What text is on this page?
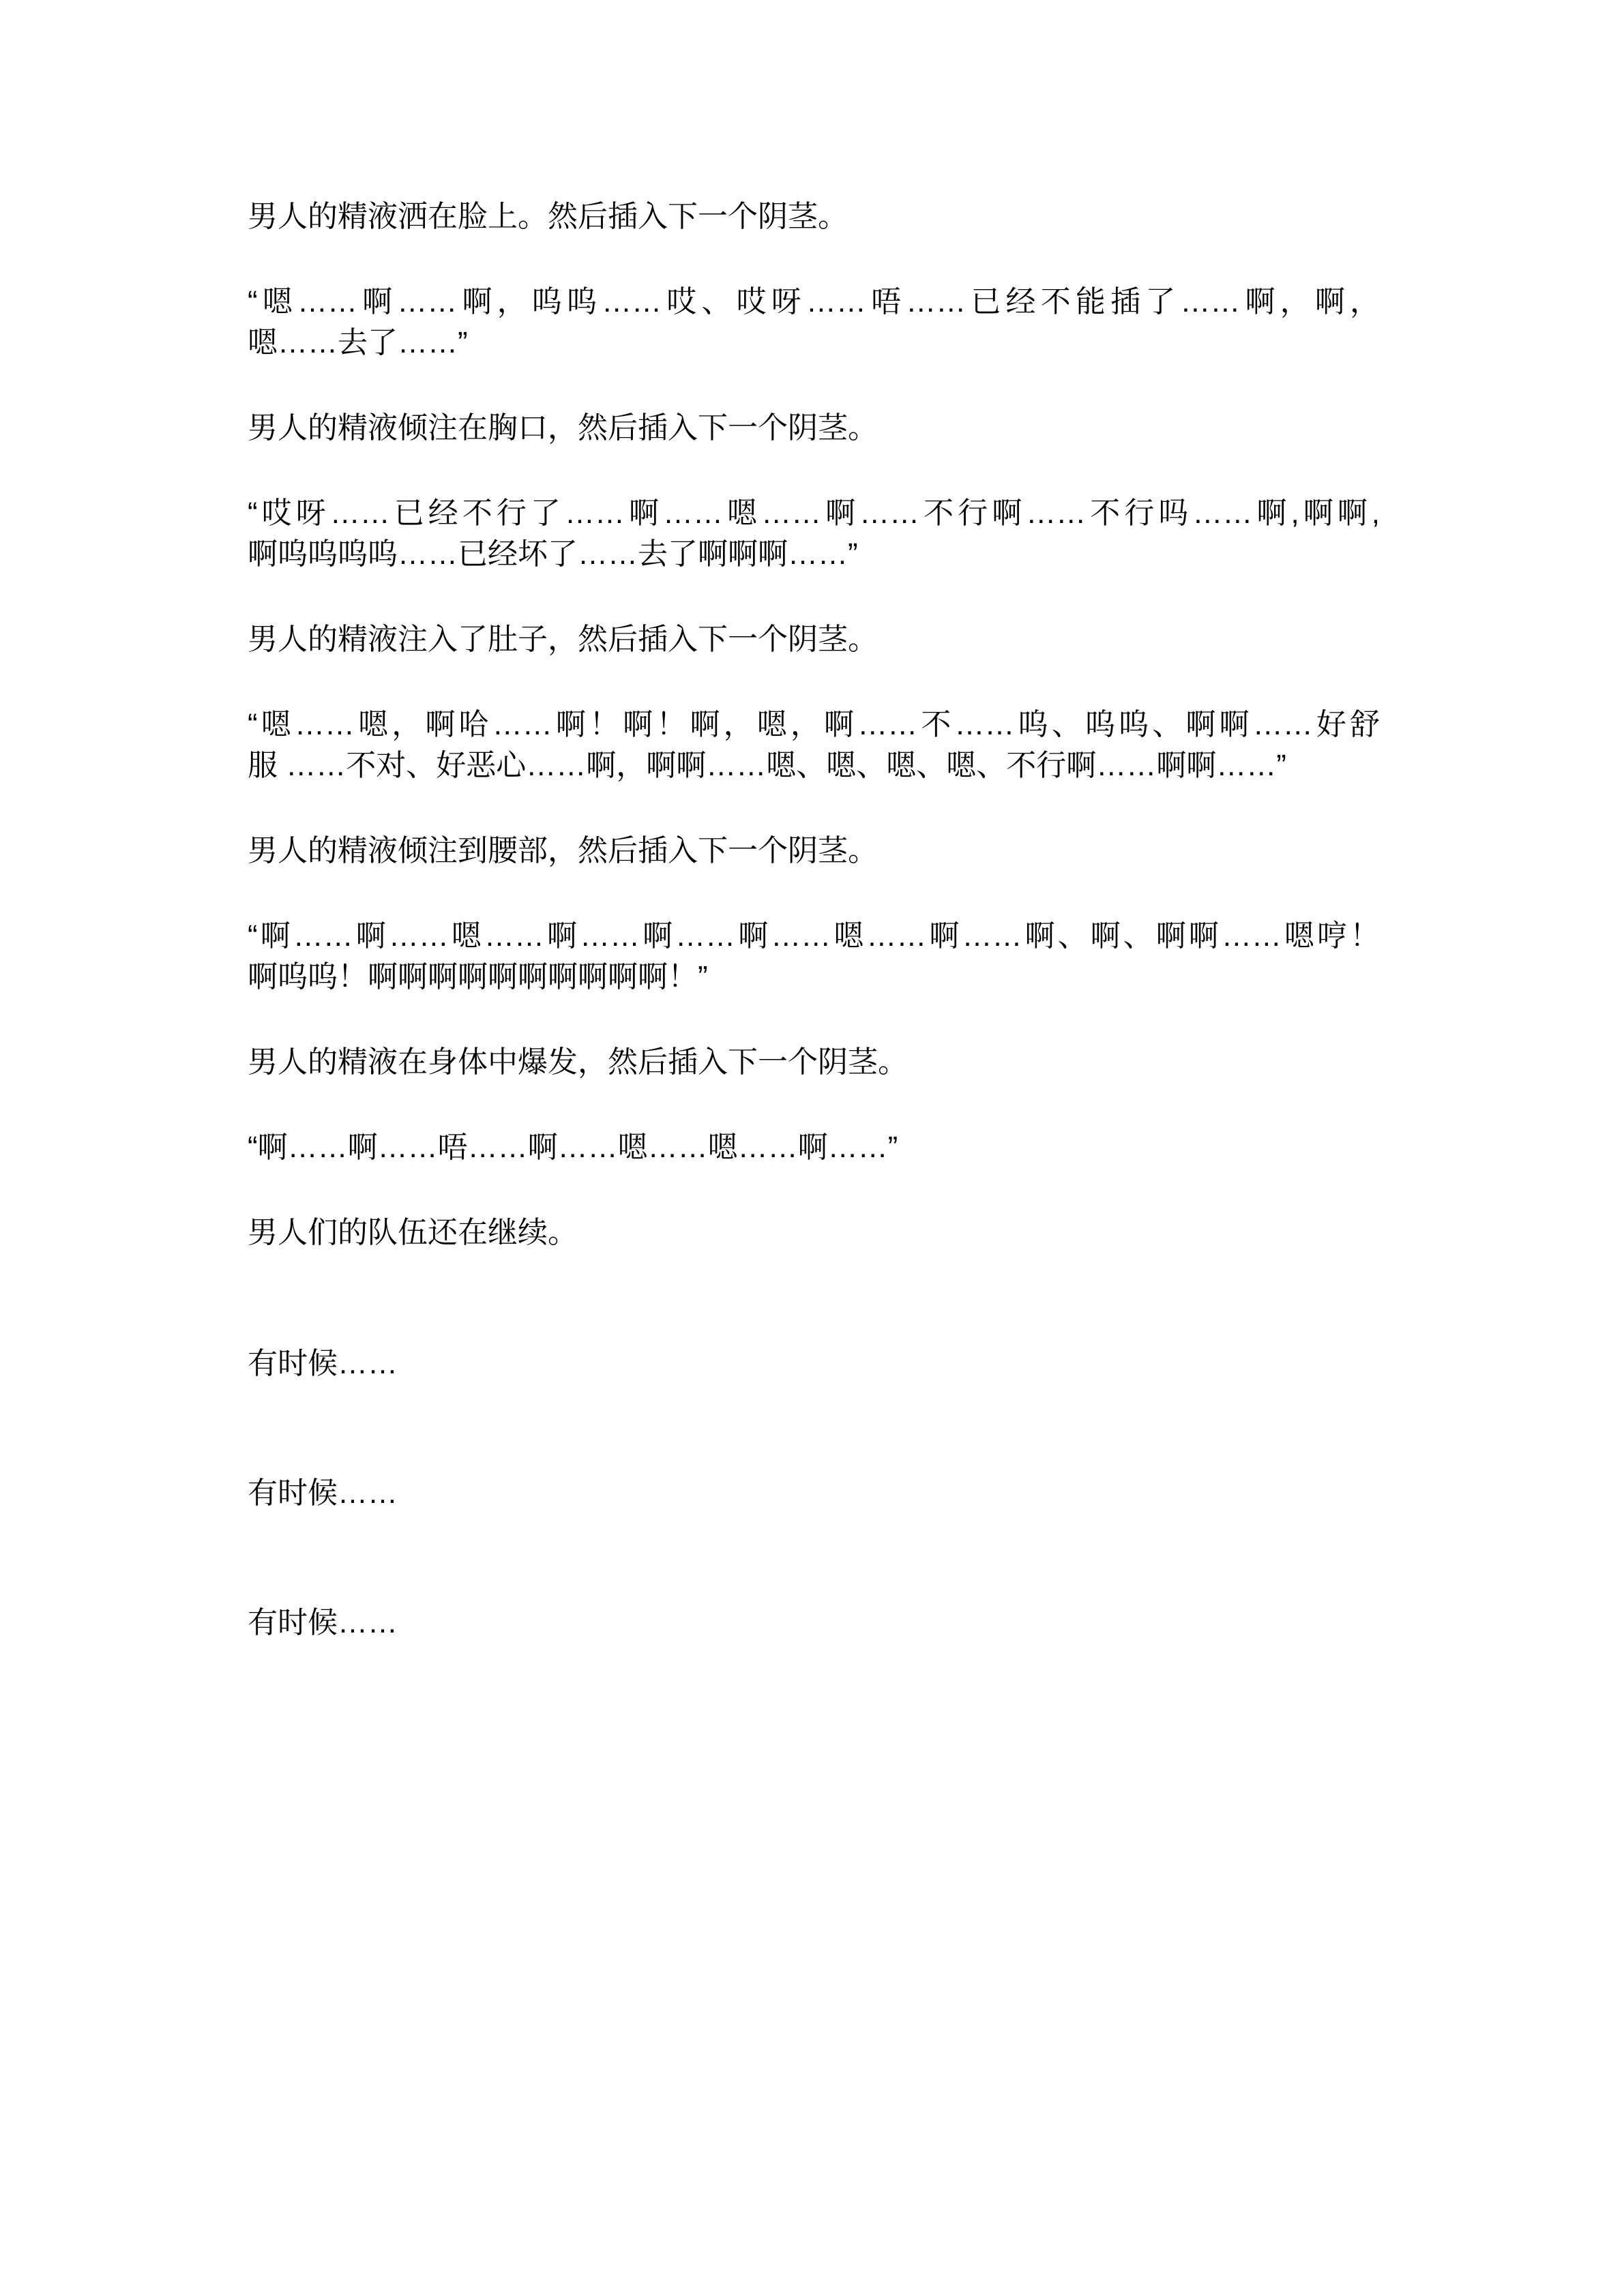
男人的精液洒在脸上。然后插入下一个阴茎。

“嗯……啊……啊，呜呜……哎、哎呀……唔……已经不能插了……啊，啊，
嗯……去了……”

男人的精液倾注在胸口，然后插入下一个阴茎。

“哎呀……已经不行了……啊……嗯……啊……不行啊……不行吗……啊,啊啊,
啊呜呜呜呜……已经坏了……去了啊啊啊……”

男人的精液注入了肚子，然后插入下一个阴茎。

“嗯……嗯，啊哈……啊！啊！啊，嗯，啊……不……呜、呜呜、啊啊……好舒
服 ……不对、好恶心……啊，啊啊……嗯、嗯、嗯、嗯、不行啊……啊啊……”

男人的精液倾注到腰部，然后插入下一个阴茎。

“啊……啊……嗯……啊……啊……啊……嗯……啊……啊、啊、啊啊……嗯哼！
啊呜呜！啊啊啊啊啊啊啊啊啊啊！”

男人的精液在身体中爆发，然后插入下一个阴茎。

“啊……啊……唔……啊……嗯……嗯……啊……”

男人们的队伍还在继续。

有时候……

有时候……

有时候……
